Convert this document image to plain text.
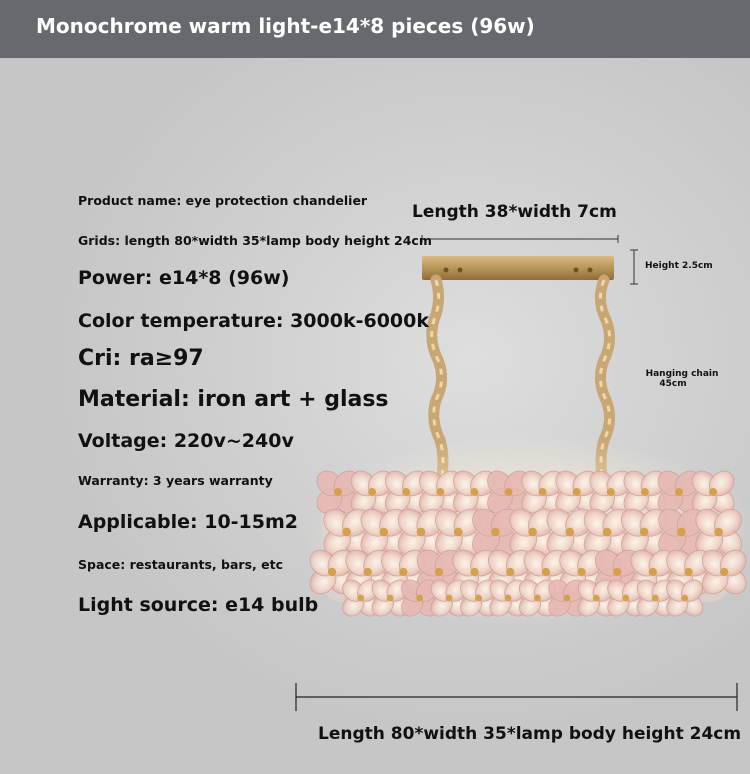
Monochrome warm light-e14*8 pieces (96w)
Product name: eye protection chandelier
Grids: length 80*width 35*lamp body height 24cm
Power: e14*8 (96w)
Color temperature: 3000k-6000k
Cri: ra≥97
Material: iron art + glass
Voltage: 220v~240v
Warranty: 3 years warranty
Applicable: 10-15m2
Space: restaurants, bars, etc
Light source: e14 bulb
Length 38*width 7cm
Height 2.5cm
Hanging chain
45cm
Length 80*width 35*lamp body height 24cm
